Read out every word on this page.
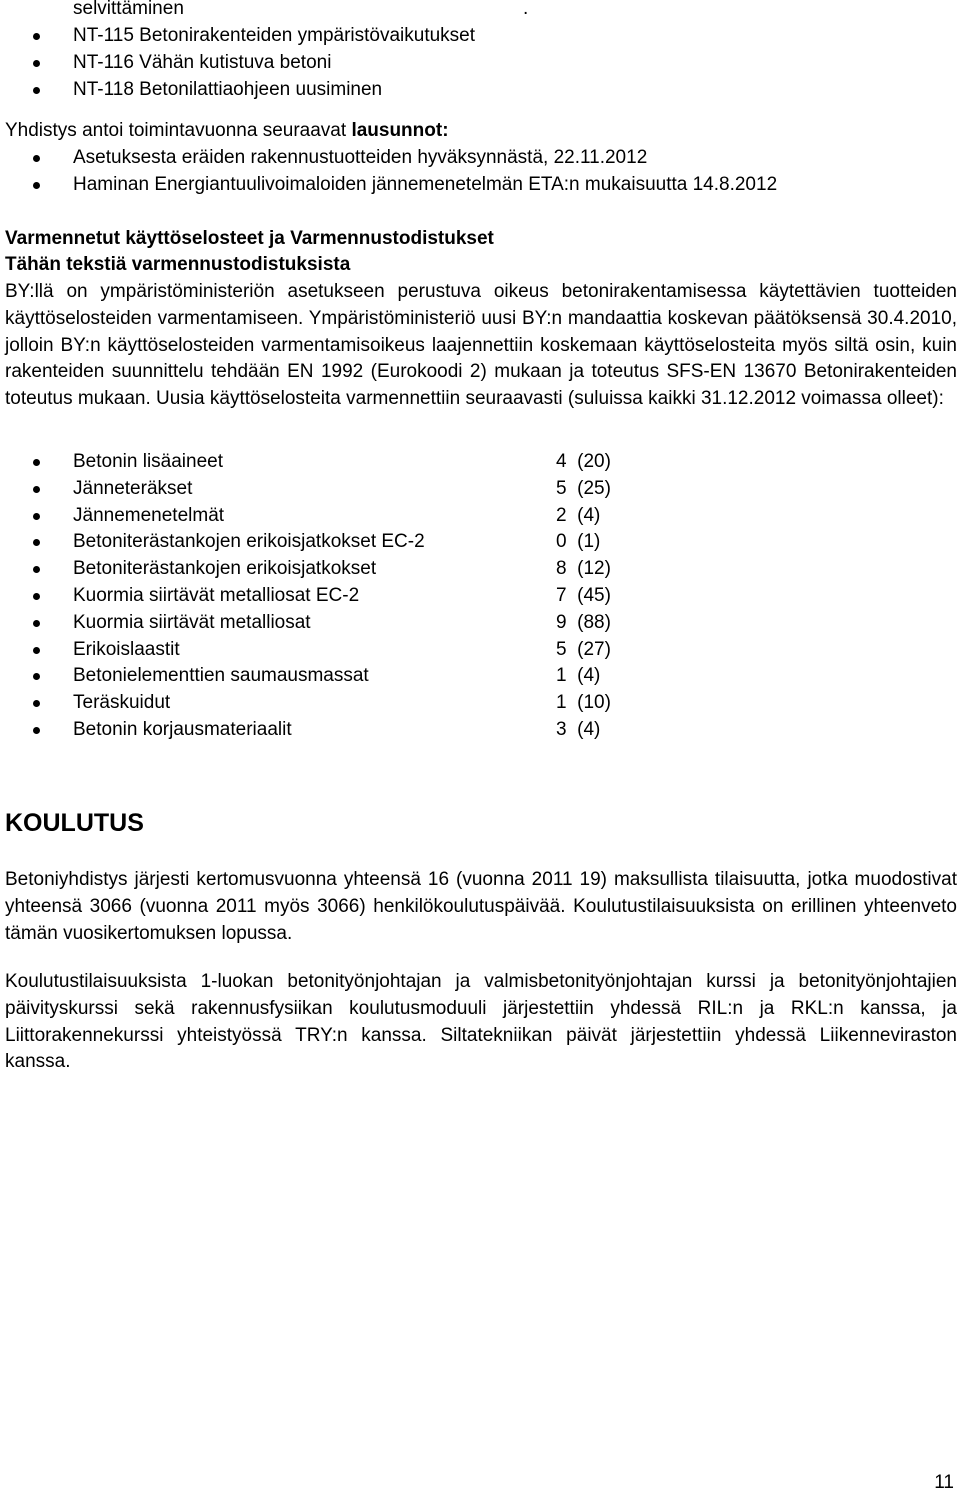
selvittäminen	.

NT-115 Betonirakenteiden ympäristövaikutukset
NT-116 Vähän kutistuva betoni
NT-118 Betonilattiaohjeen uusiminen

Yhdistys antoi toimintavuonna seuraavat lausunnot:

Asetuksesta eräiden rakennustuotteiden hyväksynnästä, 22.11.2012
Haminan Energiantuulivoimaloiden jännemenetelmän ETA:n mukaisuutta 14.8.2012

Varmennetut käyttöselosteet ja Varmennustodistukset

Tähän tekstiä varmennustodistuksista

BY:llä on ympäristöministeriön asetukseen perustuva oikeus betonirakentamisessa käytettävien tuotteiden käyttöselosteiden varmentamiseen. Ympäristöministeriö uusi BY:n mandaattia koskevan päätöksensä 30.4.2010, jolloin BY:n käyttöselosteiden varmentamisoikeus laajennettiin koskemaan käyttöselosteita myös siltä osin, kuin rakenteiden suunnittelu tehdään EN 1992 (Eurokoodi 2) mukaan ja toteutus SFS-EN 13670 Betonirakenteiden toteutus mukaan. Uusia käyttöselosteita varmennettiin seuraavasti (suluissa kaikki 31.12.2012 voimassa olleet):

Betonin lisäaineet	4  (20)
Jänneteräkset	5  (25)
Jännemenetelmät	2  (4)
Betoniterästankojen erikoisjatkokset EC-2	0  (1)
Betoniterästankojen erikoisjatkokset	8  (12)
Kuormia siirtävät metalliosat EC-2	7  (45)
Kuormia siirtävät metalliosat	9  (88)
Erikoislaastit	5  (27)
Betonielementtien saumausmassat	1  (4)
Teräskuidut	1  (10)
Betonin korjausmateriaalit	3  (4)
KOULUTUS

Betoniyhdistys järjesti kertomusvuonna yhteensä 16 (vuonna 2011 19) maksullista tilaisuutta, jotka muodostivat yhteensä 3066 (vuonna 2011 myös 3066) henkilökoulutuspäivää. Koulutustilaisuuksista on erillinen yhteenveto tämän vuosikertomuksen lopussa.

Koulutustilaisuuksista 1-luokan betonityönjohtajan ja valmisbetonityönjohtajan kurssi ja betonityönjohtajien päivityskurssi sekä rakennusfysiikan koulutusmoduuli järjestettiin yhdessä RIL:n ja RKL:n kanssa, ja Liittorakennekurssi yhteistyössä TRY:n kanssa. Siltatekniikan päivät järjestettiin yhdessä Liikenneviraston kanssa.

11
